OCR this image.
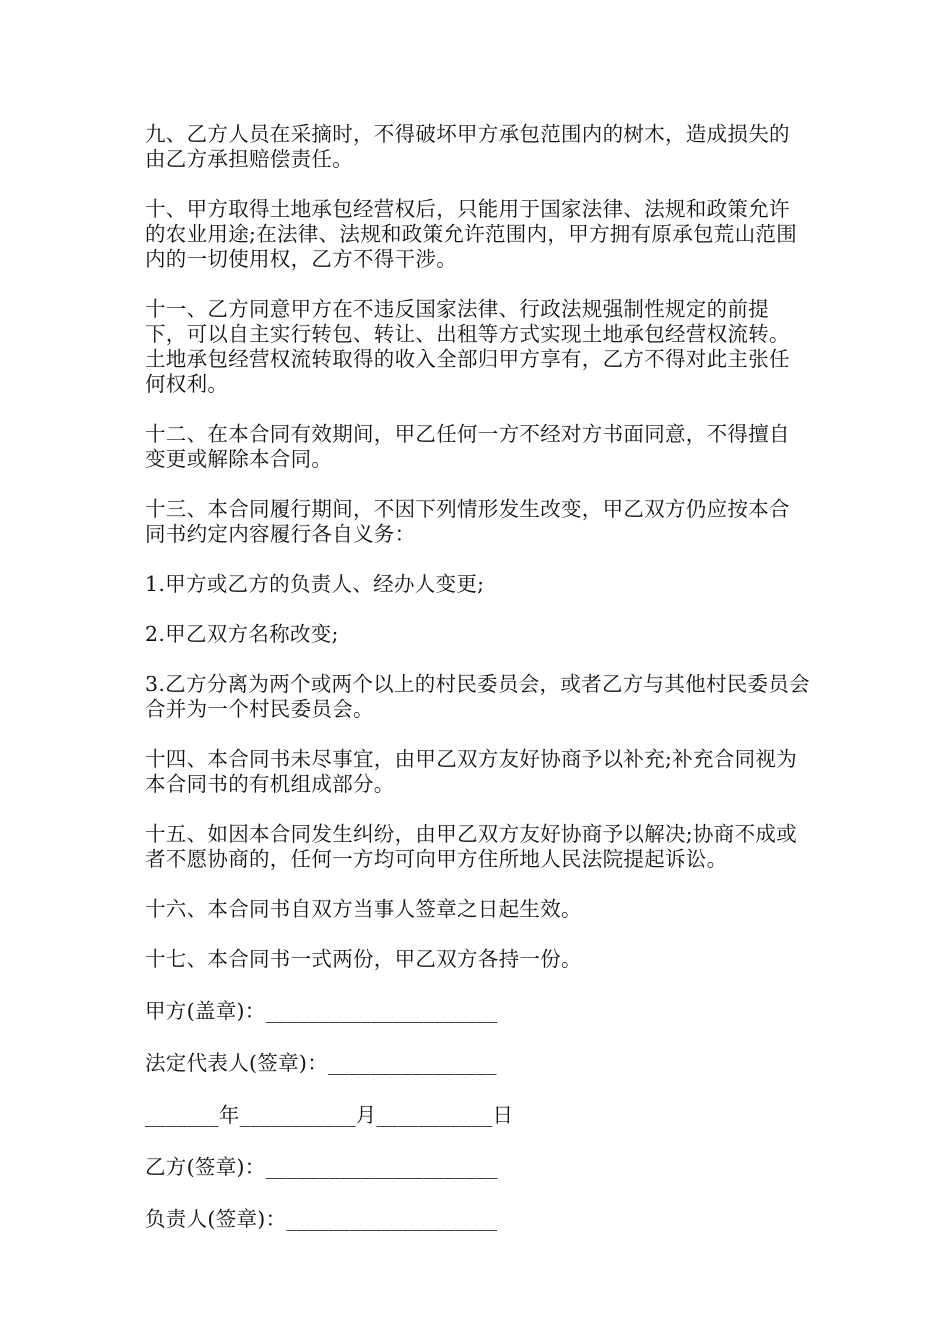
九、乙方人员在采摘时，不得破坏甲方承包范围内的树木，造成损失的由乙方承担赔偿责任。

十、甲方取得土地承包经营权后，只能用于国家法律、法规和政策允许的农业用途;在法律、法规和政策允许范围内，甲方拥有原承包荒山范围内的一切使用权，乙方不得干涉。

十一、乙方同意甲方在不违反国家法律、行政法规强制性规定的前提下，可以自主实行转包、转让、出租等方式实现土地承包经营权流转。土地承包经营权流转取得的收入全部归甲方享有，乙方不得对此主张任何权利。

十二、在本合同有效期间，甲乙任何一方不经对方书面同意，不得擅自变更或解除本合同。

十三、本合同履行期间，不因下列情形发生改变，甲乙双方仍应按本合同书约定内容履行各自义务：

1.甲方或乙方的负责人、经办人变更;

2.甲乙双方名称改变;

3.乙方分离为两个或两个以上的村民委员会，或者乙方与其他村民委员会合并为一个村民委员会。

十四、本合同书未尽事宜，由甲乙双方友好协商予以补充;补充合同视为本合同书的有机组成部分。

十五、如因本合同发生纠纷，由甲乙双方友好协商予以解决;协商不成或者不愿协商的，任何一方均可向甲方住所地人民法院提起诉讼。

十六、本合同书自双方当事人签章之日起生效。

十七、本合同书一式两份，甲乙双方各持一份。

甲方(盖章)：______________________

法定代表人(签章)：________________

_______年___________月___________日

乙方(签章)：______________________

负责人(签章)：____________________
